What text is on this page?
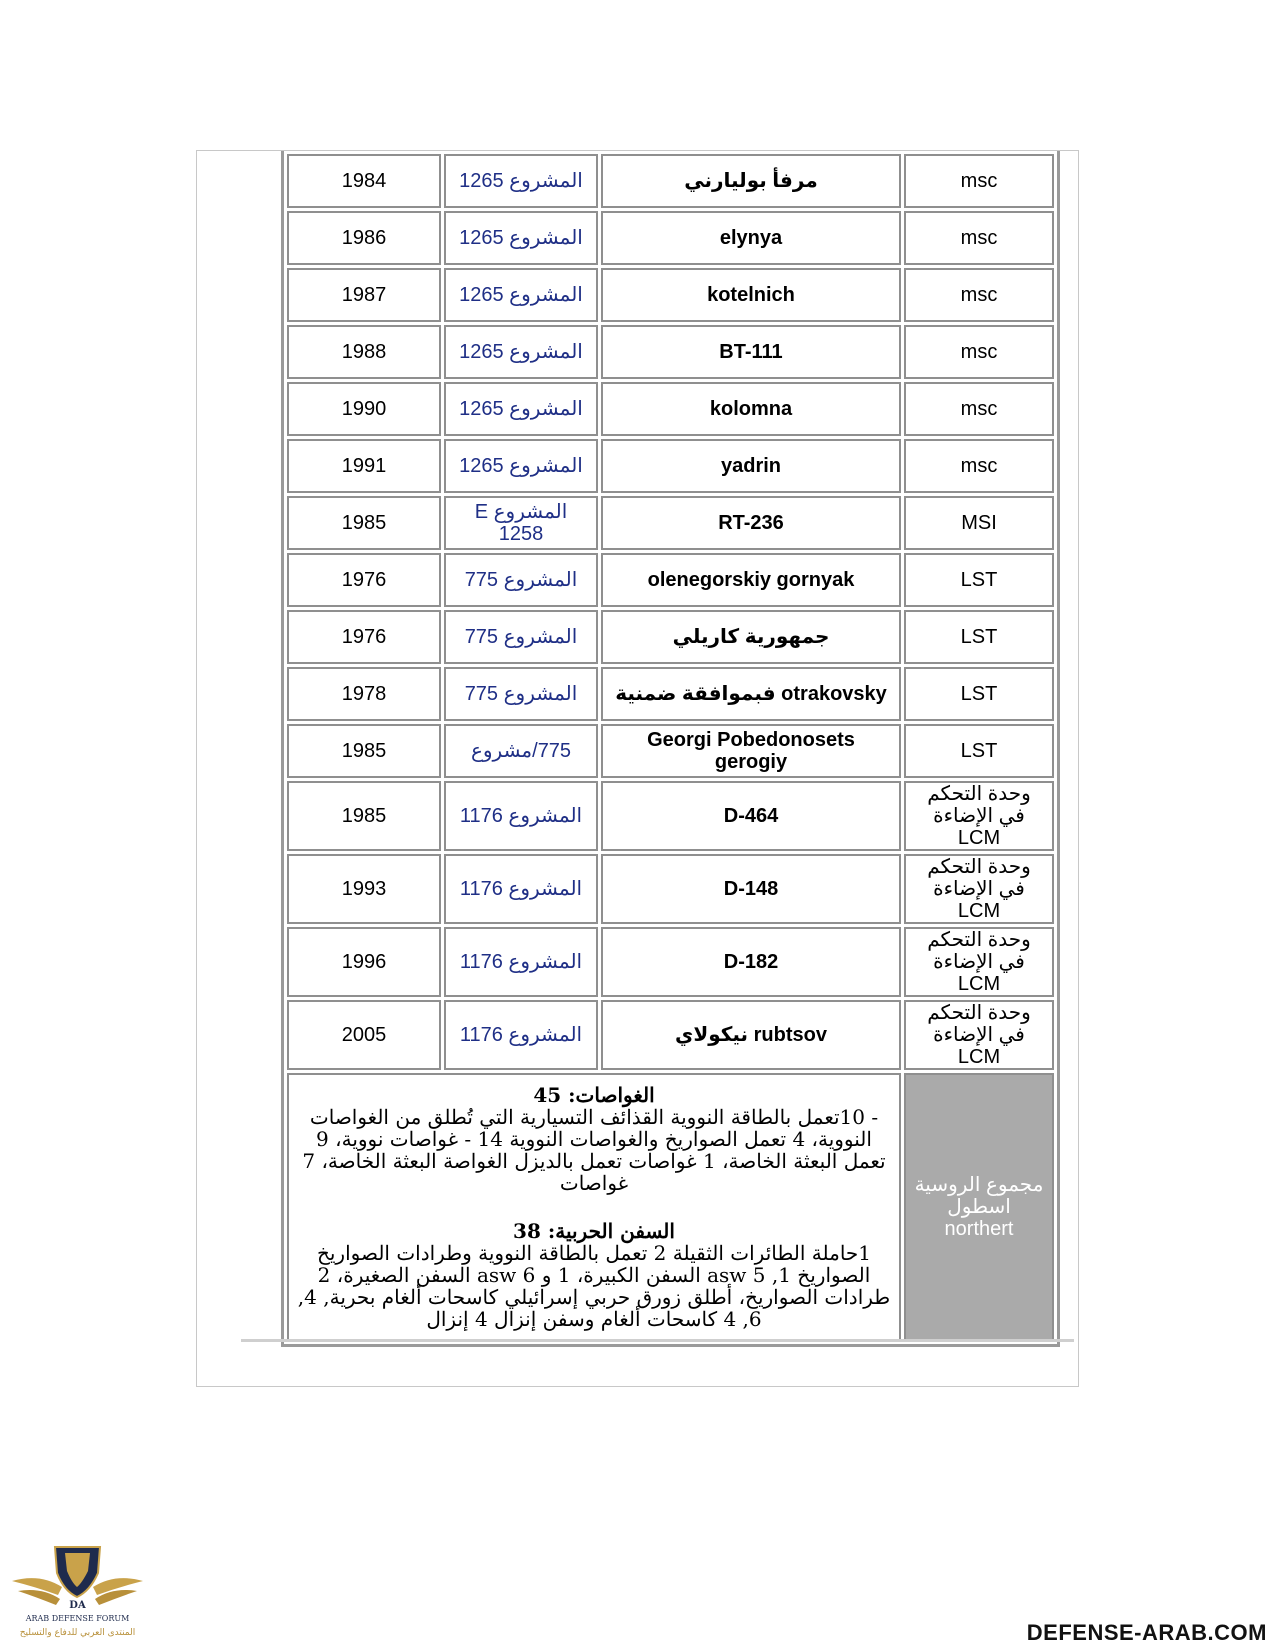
1984	المشروع 1265	مرفأ بوليارني	msc
1986	المشروع 1265	elynya	msc
1987	المشروع 1265	kotelnich	msc
1988	المشروع 1265	BT-111	msc
1990	المشروع 1265	kolomna	msc
1991	المشروع 1265	yadrin	msc
1985	المشروع E 1258	RT-236	MSI
1976	المشروع 775	olenegorskiy gornyak	LST
1976	المشروع 775	جمهورية كاريلي	LST
1978	المشروع 775	فبموافقة ضمنية otrakovsky	LST
1985	775/مشروع	Georgi Pobedonosets gerogiy	LST
1985	المشروع 1176	D-464	وحدة التحكم في الإضاءة LCM
1993	المشروع 1176	D-148	وحدة التحكم في الإضاءة LCM
1996	المشروع 1176	D-182	وحدة التحكم في الإضاءة LCM
2005	المشروع 1176	نيكولاي rubtsov	وحدة التحكم في الإضاءة LCM

الغواصات: 45

- 10تعمل بالطاقة النووية القذائف التسيارية التي تُطلق من الغواصات النووية، 4 تعمل الصواريخ والغواصات النووية 14 - غواصات نووية، 9 تعمل البعثة الخاصة، 1 غواصات تعمل بالديزل الغواصة البعثة الخاصة، 7 غواصات

السفن الحربية: 38

1حاملة الطائرات الثقيلة 2 تعمل بالطاقة النووية وطرادات الصواريخ الصواريخ 1, asw 5 السفن الكبيرة، 1 و asw 6 السفن الصغيرة، 2 طرادات الصواريخ، أطلق زورق حربي إسرائيلي كاسحات ألغام بحرية, 4, 6, 4 كاسحات ألغام وسفن إنزال 4 إنزال			مجموع الروسية اسطول northert
DA
ARAB DEFENSE FORUM
المنتدى العربي للدفاع والتسليح	DEFENSE-ARAB.COM
